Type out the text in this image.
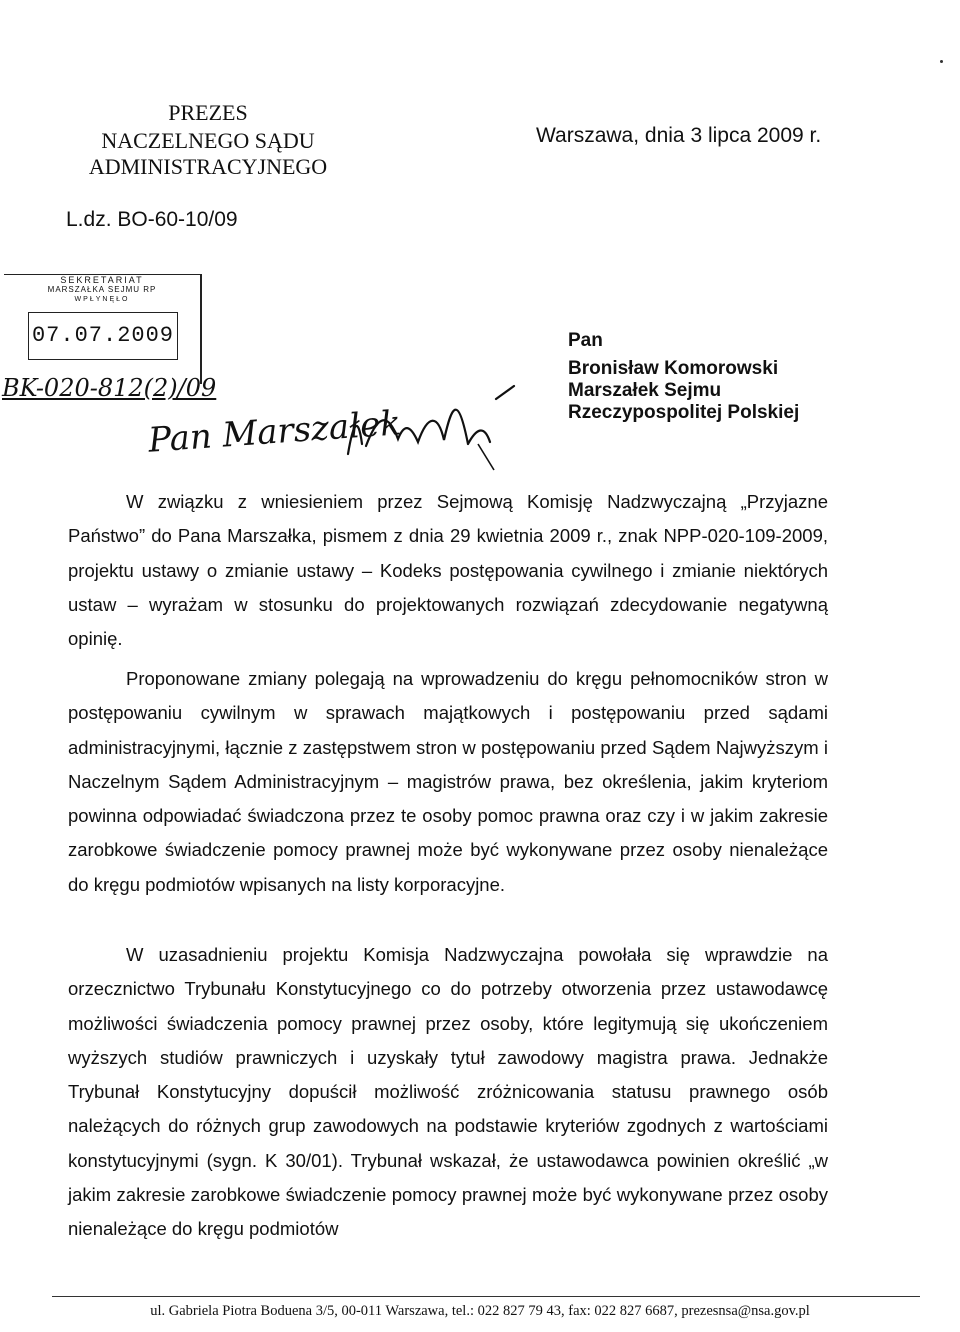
PREZES
NACZELNEGO SĄDU ADMINISTRACYJNEGO
Warszawa, dnia 3 lipca 2009 r.
L.dz. BO-60-10/09
SEKRETARIAT
MARSZAŁKA SEJMU RP
WPŁYNĘŁO
07.07.2009
BK-020-812(2)/09
Pan Marszałek
Pan
Bronisław Komorowski
Marszałek Sejmu
Rzeczypospolitej Polskiej

W związku z wniesieniem przez Sejmową Komisję Nadzwyczajną „Przyjazne Państwo” do Pana Marszałka, pismem z dnia 29 kwietnia 2009 r., znak NPP-020-109-2009, projektu ustawy o zmianie ustawy – Kodeks postępowania cywilnego i zmianie niektórych ustaw – wyrażam w stosunku do projektowanych rozwiązań zdecydowanie negatywną opinię.

Proponowane zmiany polegają na wprowadzeniu do kręgu pełnomocników stron w postępowaniu cywilnym w sprawach majątkowych i postępowaniu przed sądami administracyjnymi, łącznie z zastępstwem stron w postępowaniu przed Sądem Najwyższym i Naczelnym Sądem Administracyjnym – magistrów prawa, bez określenia, jakim kryteriom powinna odpowiadać świadczona przez te osoby pomoc prawna oraz czy i w jakim zakresie zarobkowe świadczenie pomocy prawnej może być wykonywane przez osoby nienależące do kręgu podmiotów wpisanych na listy korporacyjne.

W uzasadnieniu projektu Komisja Nadzwyczajna powołała się wprawdzie na orzecznictwo Trybunału Konstytucyjnego co do potrzeby otworzenia przez ustawodawcę możliwości świadczenia pomocy prawnej przez osoby, które legitymują się ukończeniem wyższych studiów prawniczych i uzyskały tytuł zawodowy magistra prawa. Jednakże Trybunał Konstytucyjny dopuścił możliwość zróżnicowania statusu prawnego osób należących do różnych grup zawodowych na podstawie kryteriów zgodnych z wartościami konstytucyjnymi (sygn. K 30/01). Trybunał wskazał, że ustawodawca powinien określić „w jakim zakresie zarobkowe świadczenie pomocy prawnej może być wykonywane przez osoby nienależące do kręgu podmiotów

ul. Gabriela Piotra Boduena 3/5, 00-011 Warszawa, tel.: 022 827 79 43, fax: 022 827 6687, prezesnsa@nsa.gov.pl
